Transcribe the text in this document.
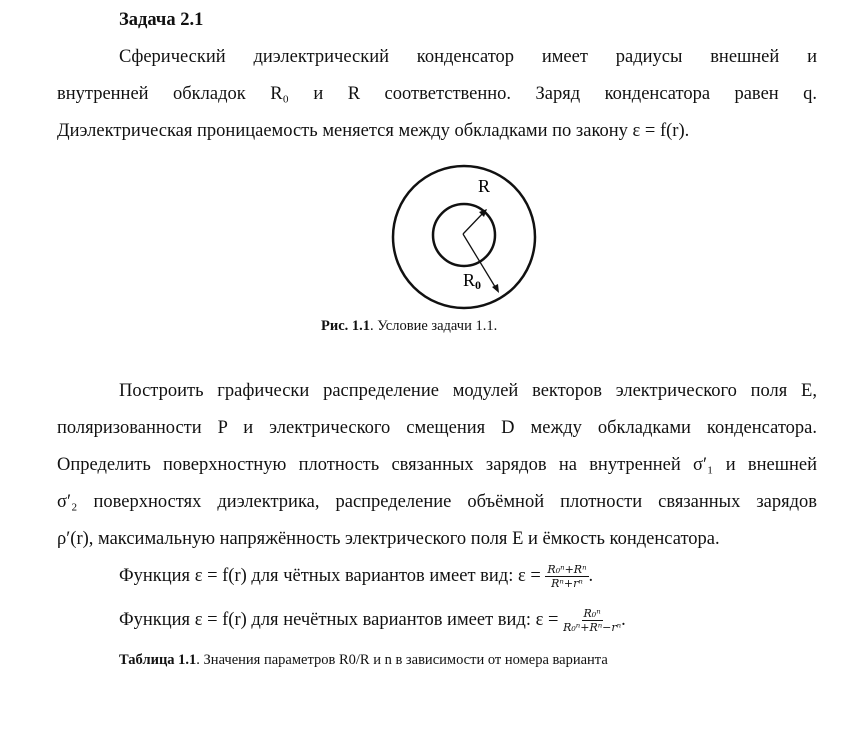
Задача 2.1
Сферический диэлектрический конденсатор имеет радиусы внешней и
внутренней обкладок R₀ и R соответственно. Заряд конденсатора равен q.
Диэлектрическая проницаемость меняется между обкладками по закону ε = f(r).
R
R0
Рис. 1.1. Условие задачи 1.1.
Построить графически распределение модулей векторов электрического поля E,
поляризованности P и электрического смещения D между обкладками конденсатора.
Определить поверхностную плотность связанных зарядов на внутренней σ′₁ и внешней
σ′₂ поверхностях диэлектрика, распределение объёмной плотности связанных зарядов
ρ′(r), максимальную напряжённость электрического поля E и ёмкость конденсатора.
Функция ε = f(r) для чётных вариантов имеет вид: $\varepsilon = \frac{\text{R₀ⁿ+Rⁿ}}{\text{Rⁿ+rⁿ}}$ .
Функция ε = f(r) для нечётных вариантов имеет вид: $\varepsilon = \frac{\text{R₀ⁿ}}{\text{R₀ⁿ+Rⁿ−rⁿ}}$ .
Таблица 1.1. Значения параметров R0/R и n в зависимости от номера варианта
